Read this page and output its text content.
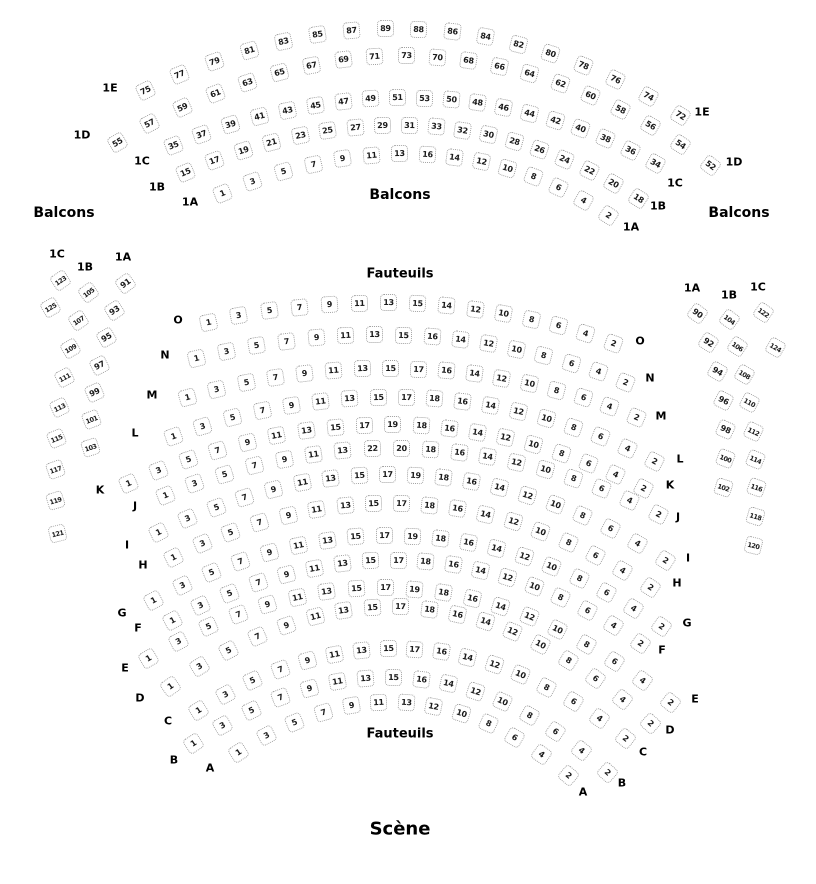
Balcons
Balcons
Balcons
Fauteuils
Fauteuils
Scène
75
77
79
81
83
85	87	89	88	86	84
82
80
78
76
74
72
1E
1E
55
57
59
61
63
65
67	69	71	73	70	68
66
64
62
60
58
56
54
52
1D
1D
35
37
39
41
43	45	47	49	51	53	50	48	46
44
42
40
38
36
34
1C
1C
15
17
19
21
23	25	27	29	31	33	32	30
28
26
24
22
20
18
1B
1B
1
3
5
7
9	11	13	16	14	12
10
8
6
4
2
1A
1A
1
3
5	7	9	11	13	15	14	12	10
8
6
4
2
O
O
1
3
5	7	9	11	13	15	16	14	12	10
8
6
4
2
N
N
1
3
5
7	9	11	13	15	17	16	14	12	10
8
6
4
2
M
M
1
3
5
7
9	11	13	15	17	18	16	14
12
10
8
6
4
2
L
L
1
3
5
7
9
11	13	15	17	19	18	16	14	12
10
8
6
4
2
K	K
1
3
5
7
9	11	13	22	20	18	16	14
12
10
8
6
4
2
J
J
1
3
5
7
9
11	13	15	17	19	18	16
14
12
10
8
6
4
2
I
I
1
3
5
7
9
11	13	15	17	18	16	14
12
10
8
6
4
2
H
H
1
3
5
7
9
11	13	15	17	19	18	16
14
12
10
8
6
4
2
G
G
1
3
5
7
9
11	13	15	17	18	16	14
12
10
8
6
4
2
F
F
1
3
5
7
9
11	13	15	17	19	18
16
14
12
10
8
6
4
2
E
E
1
3
5
7
9
11
13	15	17	18	16
14
12
10
8
6
4
2
D
D
1
3
5
7
9
11	13	15	17	16	14
12
10
8
6
4
2
C
C
1
3
5
7
9
11	13	15	16	14
12
10
8
6
4
2
B
B
1
3
5
7
9	11	13	12
10
8
6
4
2
A
A
123
125
1C
105
107
109
111
113
115
117
119
121
1B
91
93
95
97
99
101
103
1A
90
92
94
96
98
100
102
1A
104
106
108
110
112
114
116
118
120
1B
122
124
1C
